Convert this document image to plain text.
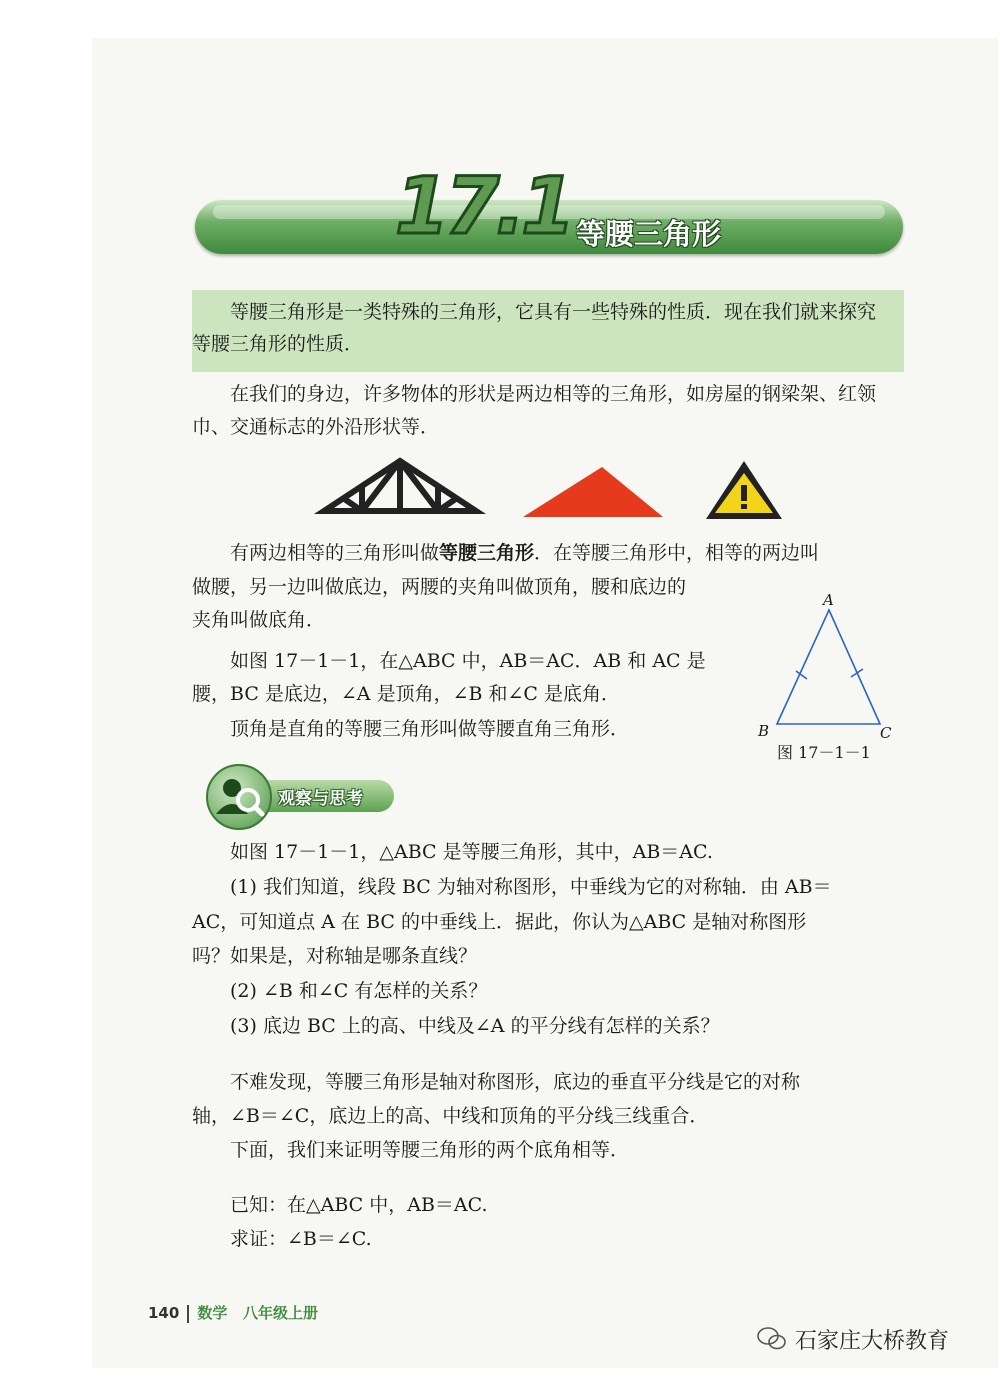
17.1 等腰三角形
等腰三角形是一类特殊的三角形，它具有一些特殊的性质．现在我们就来探究等腰三角形的性质．
在我们的身边，许多物体的形状是两边相等的三角形，如房屋的钢梁架、红领巾、交通标志的外沿形状等．
有两边相等的三角形叫做等腰三角形．在等腰三角形中，相等的两边叫
做腰，另一边叫做底边，两腰的夹角叫做顶角，腰和底边的
夹角叫做底角．
如图 17－1－1，在△ABC 中，AB＝AC．AB 和 AC 是
腰，BC 是底边，∠A 是顶角，∠B 和∠C 是底角．
顶角是直角的等腰三角形叫做等腰直角三角形．
A
B	C
图 17－1－1
观察与思考
如图 17－1－1，△ABC 是等腰三角形，其中，AB＝AC.
(1) 我们知道，线段 BC 为轴对称图形，中垂线为它的对称轴．由 AB＝
AC，可知道点 A 在 BC 的中垂线上．据此，你认为△ABC 是轴对称图形
吗？如果是，对称轴是哪条直线？
(2) ∠B 和∠C 有怎样的关系？
(3) 底边 BC 上的高、中线及∠A 的平分线有怎样的关系？
不难发现，等腰三角形是轴对称图形，底边的垂直平分线是它的对称
轴，∠B＝∠C，底边上的高、中线和顶角的平分线三线重合．
下面，我们来证明等腰三角形的两个底角相等．
已知：在△ABC 中，AB＝AC.
求证：∠B＝∠C.
140 数学 八年级上册
石家庄大桥教育
